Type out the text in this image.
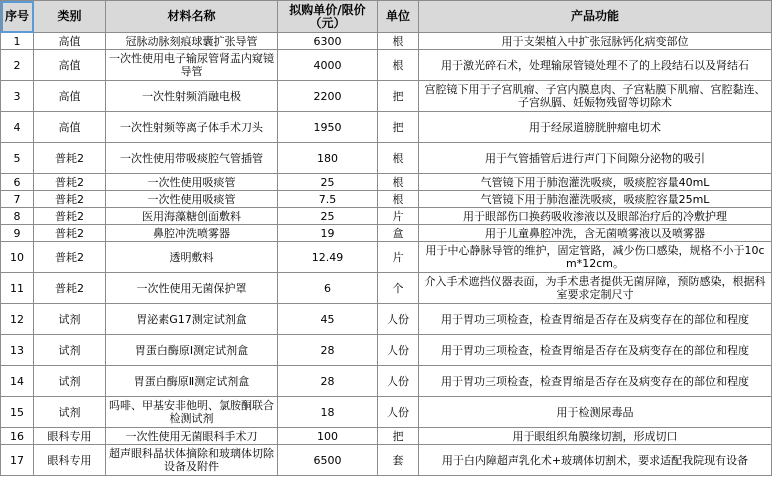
序号	类别	材料名称	拟购单价/限价（元）	单位	产品功能
1	高值	冠脉动脉刻痕球囊扩张导管	6300	根	用于支架植入中扩张冠脉钙化病变部位
2	高值	一次性使用电子输尿管肾盂内窥镜导管	4000	根	用于激光碎石术，处理输尿管镜处理不了的上段结石以及肾结石
3	高值	一次性射频消融电极	2200	把	宫腔镜下用于子宫肌瘤、子宫内膜息肉、子宫粘膜下肌瘤、宫腔黏连、子宫纵膈、妊娠物残留等切除术
4	高值	一次性射频等离子体手术刀头	1950	把	用于经尿道膀胱肿瘤电切术
5	普耗2	一次性使用带吸痰腔气管插管	180	根	用于气管插管后进行声门下间隙分泌物的吸引
6	普耗2	一次性使用吸痰管	25	根	气管镜下用于肺泡灌洗吸痰，吸痰腔容量40mL
7	普耗2	一次性使用吸痰管	7.5	根	气管镜下用于肺泡灌洗吸痰，吸痰腔容量25mL
8	普耗2	医用海藻糖创面敷料	25	片	用于眼部伤口换药吸收渗液以及眼部治疗后的冷敷护理
9	普耗2	鼻腔冲洗喷雾器	19	盒	用于儿童鼻腔冲洗，含无菌喷雾液以及喷雾器
10	普耗2	透明敷料	12.49	片	用于中心静脉导管的维护，固定管路，减少伤口感染，规格不小于10cm*12cm。
11	普耗2	一次性使用无菌保护罩	6	个	介入手术遮挡仪器表面，为手术患者提供无菌屏障，预防感染，根据科室要求定制尺寸
12	试剂	胃泌素G17测定试剂盒	45	人份	用于胃功三项检查，检查胃缩是否存在及病变存在的部位和程度
13	试剂	胃蛋白酶原Ⅰ测定试剂盒	28	人份	用于胃功三项检查，检查胃缩是否存在及病变存在的部位和程度
14	试剂	胃蛋白酶原Ⅱ测定试剂盒	28	人份	用于胃功三项检查，检查胃缩是否存在及病变存在的部位和程度
15	试剂	吗啡、甲基安非他明、氯胺酮联合检测试剂	18	人份	用于检测尿毒品
16	眼科专用	一次性使用无菌眼科手术刀	100	把	用于眼组织角膜缘切割，形成切口
17	眼科专用	超声眼科晶状体摘除和玻璃体切除设备及附件	6500	套	用于白内障超声乳化术+玻璃体切割术，要求适配我院现有设备
